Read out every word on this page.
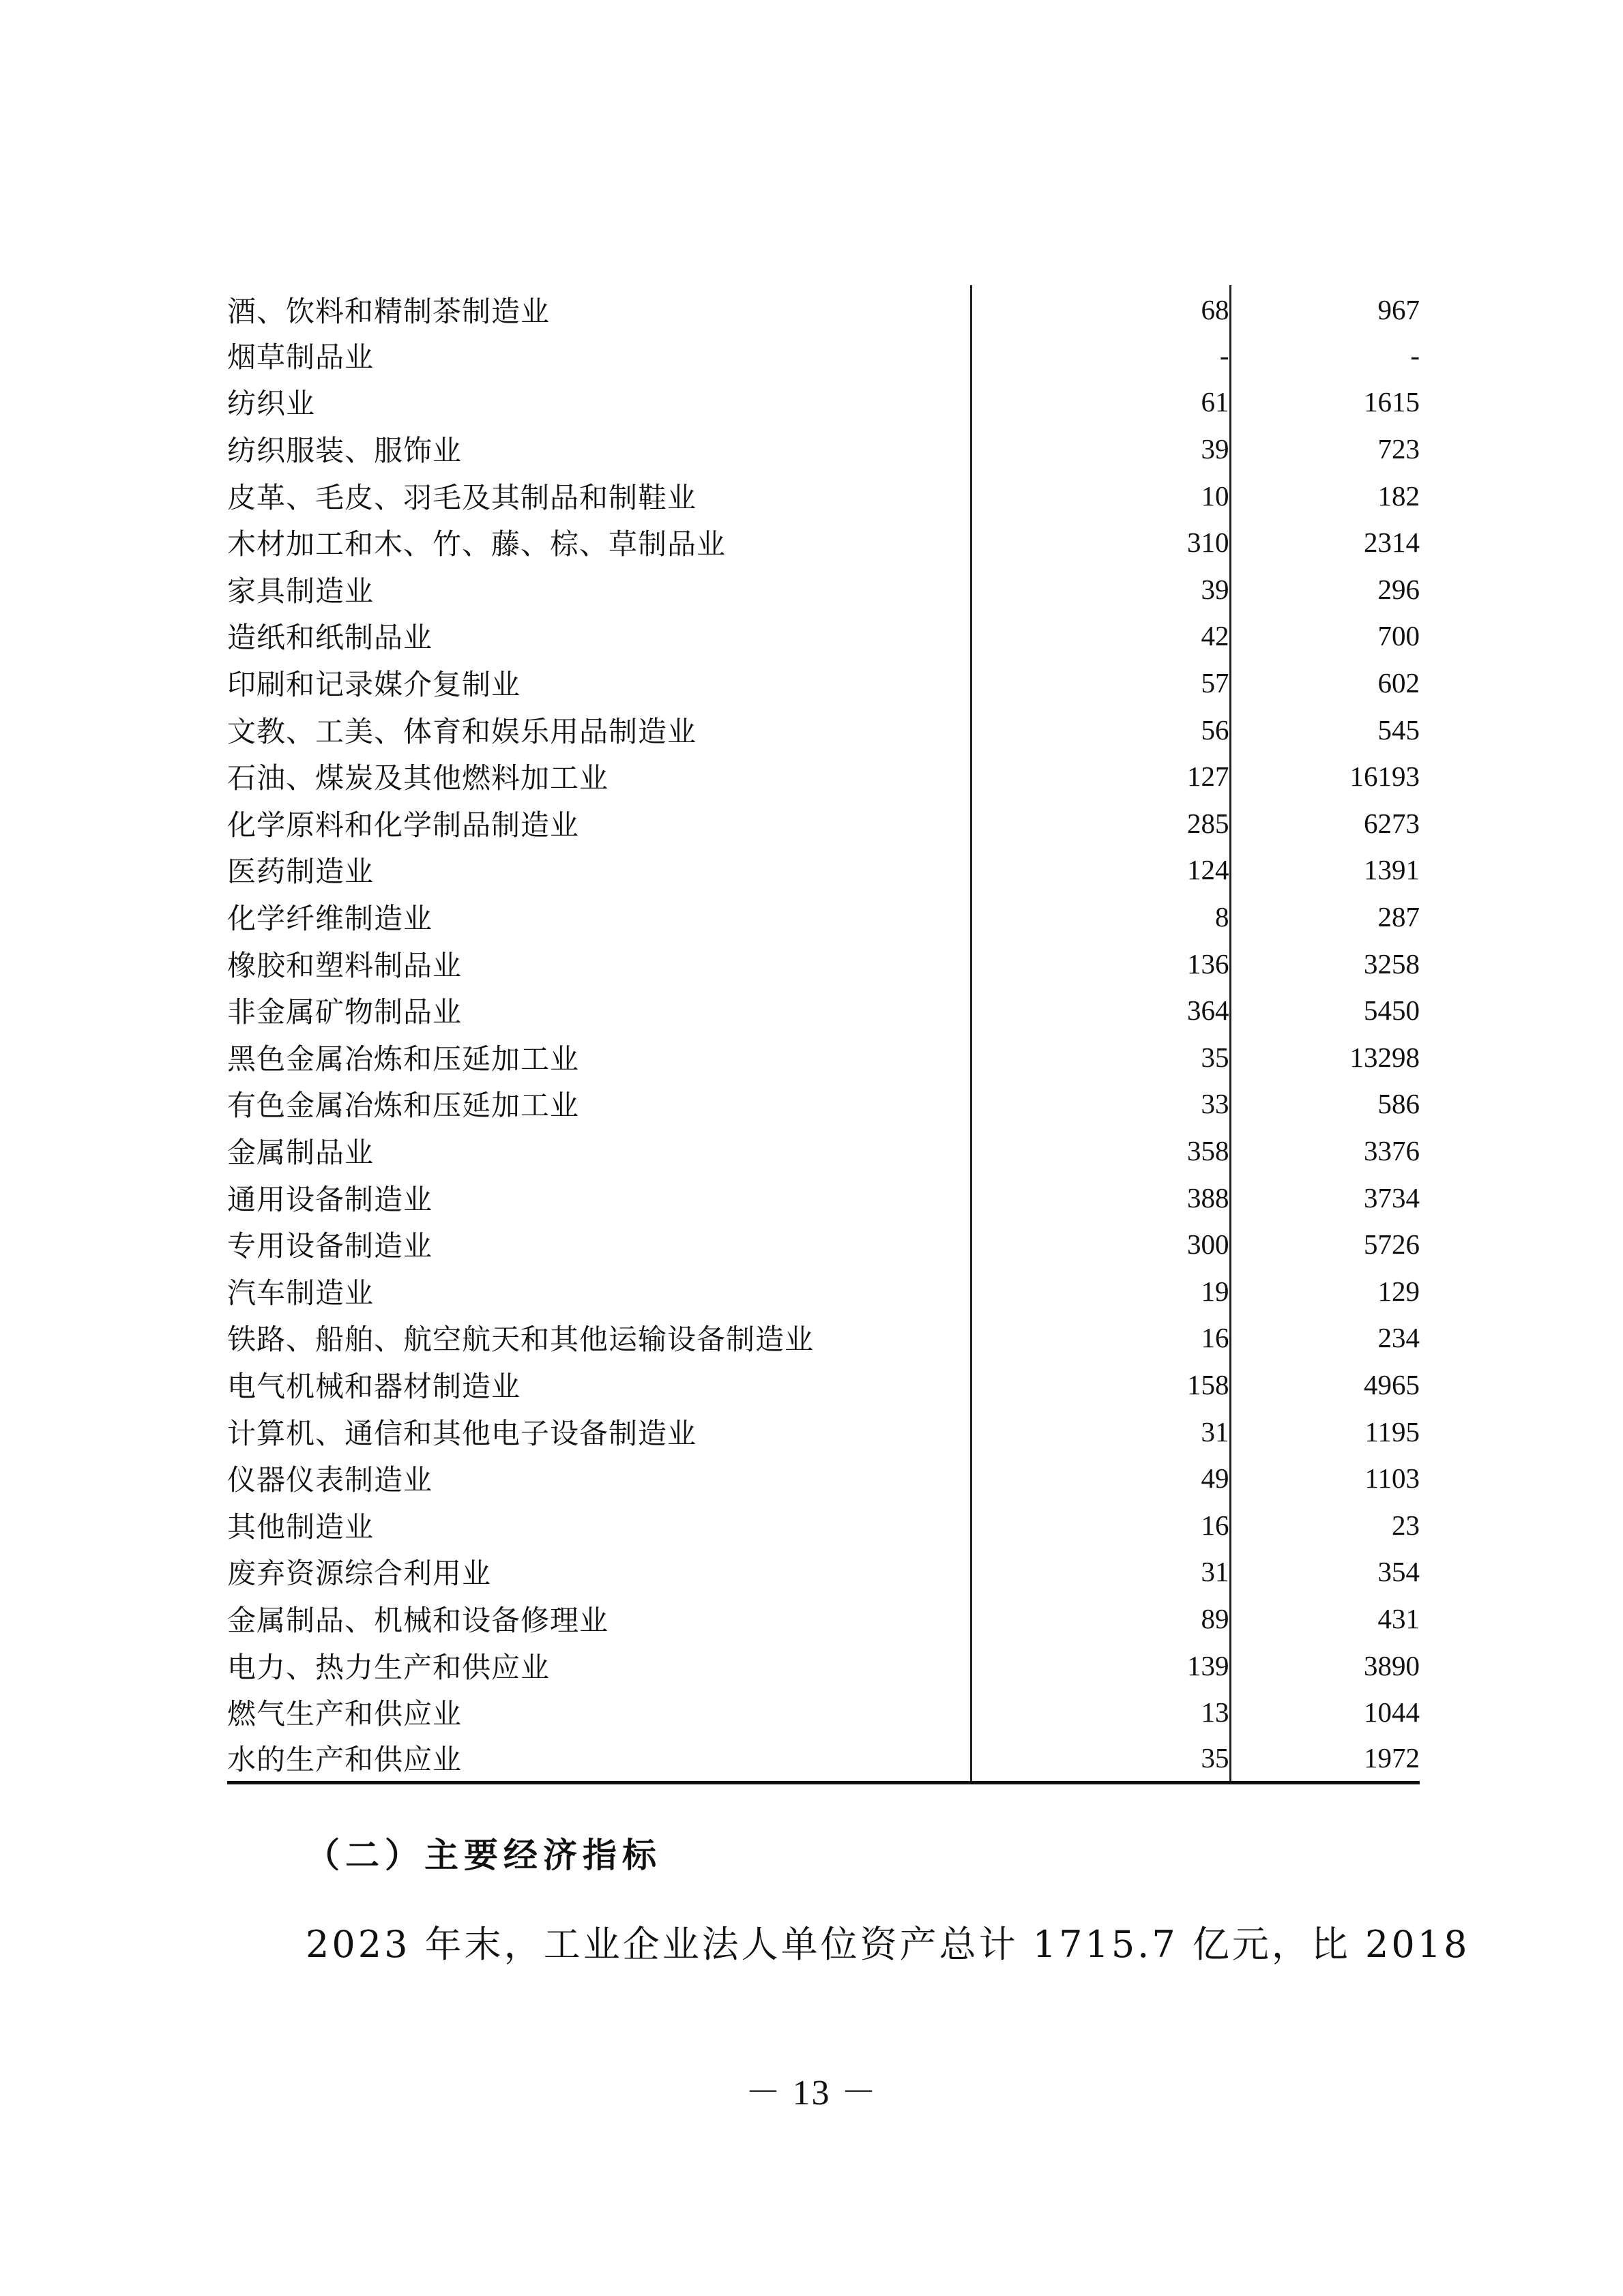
酒、饮料和精制茶制造业	68	967
烟草制品业	-	-
纺织业	61	1615
纺织服装、服饰业	39	723
皮革、毛皮、羽毛及其制品和制鞋业	10	182
木材加工和木、竹、藤、棕、草制品业	310	2314
家具制造业	39	296
造纸和纸制品业	42	700
印刷和记录媒介复制业	57	602
文教、工美、体育和娱乐用品制造业	56	545
石油、煤炭及其他燃料加工业	127	16193
化学原料和化学制品制造业	285	6273
医药制造业	124	1391
化学纤维制造业	8	287
橡胶和塑料制品业	136	3258
非金属矿物制品业	364	5450
黑色金属冶炼和压延加工业	35	13298
有色金属冶炼和压延加工业	33	586
金属制品业	358	3376
通用设备制造业	388	3734
专用设备制造业	300	5726
汽车制造业	19	129
铁路、船舶、航空航天和其他运输设备制造业	16	234
电气机械和器材制造业	158	4965
计算机、通信和其他电子设备制造业	31	1195
仪器仪表制造业	49	1103
其他制造业	16	23
废弃资源综合利用业	31	354
金属制品、机械和设备修理业	89	431
电力、热力生产和供应业	139	3890
燃气生产和供应业	13	1044
水的生产和供应业	35	1972
（二）主要经济指标
2023 年末，工业企业法人单位资产总计 1715.7 亿元，比 2018
－ 13 －
